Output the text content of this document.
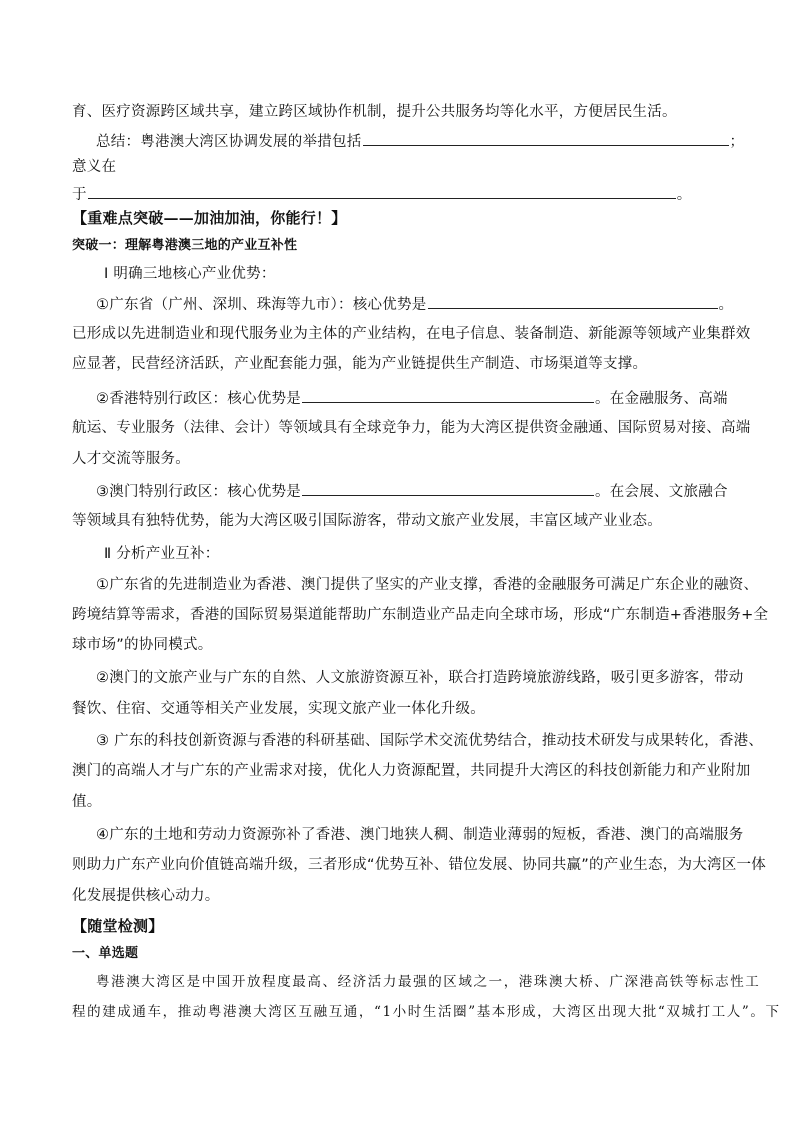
育、医疗资源跨区域共享，建立跨区域协作机制，提升公共服务均等化水平，方便居民生活。
总结：粤港澳大湾区协调发展的举措包括	；
意义在
于	。
【重难点突破——加油加油，你能行！】
突破一：理解粤港澳三地的产业互补性
Ⅰ 明确三地核心产业优势：
①广东省（广州、深圳、珠海等九市）：核心优势是	。
已形成以先进制造业和现代服务业为主体的产业结构，在电子信息、装备制造、新能源等领域产业集群效
应显著，民营经济活跃，产业配套能力强，能为产业链提供生产制造、市场渠道等支撑。
②香港特别行政区：核心优势是	。在金融服务、高端
航运、专业服务（法律、会计）等领域具有全球竞争力，能为大湾区提供资金融通、国际贸易对接、高端
人才交流等服务。
③澳门特别行政区：核心优势是	。在会展、文旅融合
等领域具有独特优势，能为大湾区吸引国际游客，带动文旅产业发展，丰富区域产业业态。
Ⅱ 分析产业互补：
①广东省的先进制造业为香港、澳门提供了坚实的产业支撑，香港的金融服务可满足广东企业的融资、
跨境结算等需求，香港的国际贸易渠道能帮助广东制造业产品走向全球市场，形成“广东制造+香港服务+全
球市场”的协同模式。
②澳门的文旅产业与广东的自然、人文旅游资源互补，联合打造跨境旅游线路，吸引更多游客，带动
餐饮、住宿、交通等相关产业发展，实现文旅产业一体化升级。
③ 广东的科技创新资源与香港的科研基础、国际学术交流优势结合，推动技术研发与成果转化，香港、
澳门的高端人才与广东的产业需求对接，优化人力资源配置，共同提升大湾区的科技创新能力和产业附加
值。
④广东的土地和劳动力资源弥补了香港、澳门地狭人稠、制造业薄弱的短板，香港、澳门的高端服务
则助力广东产业向价值链高端升级，三者形成“优势互补、错位发展、协同共赢”的产业生态，为大湾区一体
化发展提供核心动力。
【随堂检测】
一、单选题
粤港澳大湾区是中国开放程度最高、经济活力最强的区域之一，港珠澳大桥、广深港高铁等标志性工
程的建成通车，推动粤港澳大湾区互融互通，“1小时生活圈”基本形成，大湾区出现大批“双城打工人”。下
